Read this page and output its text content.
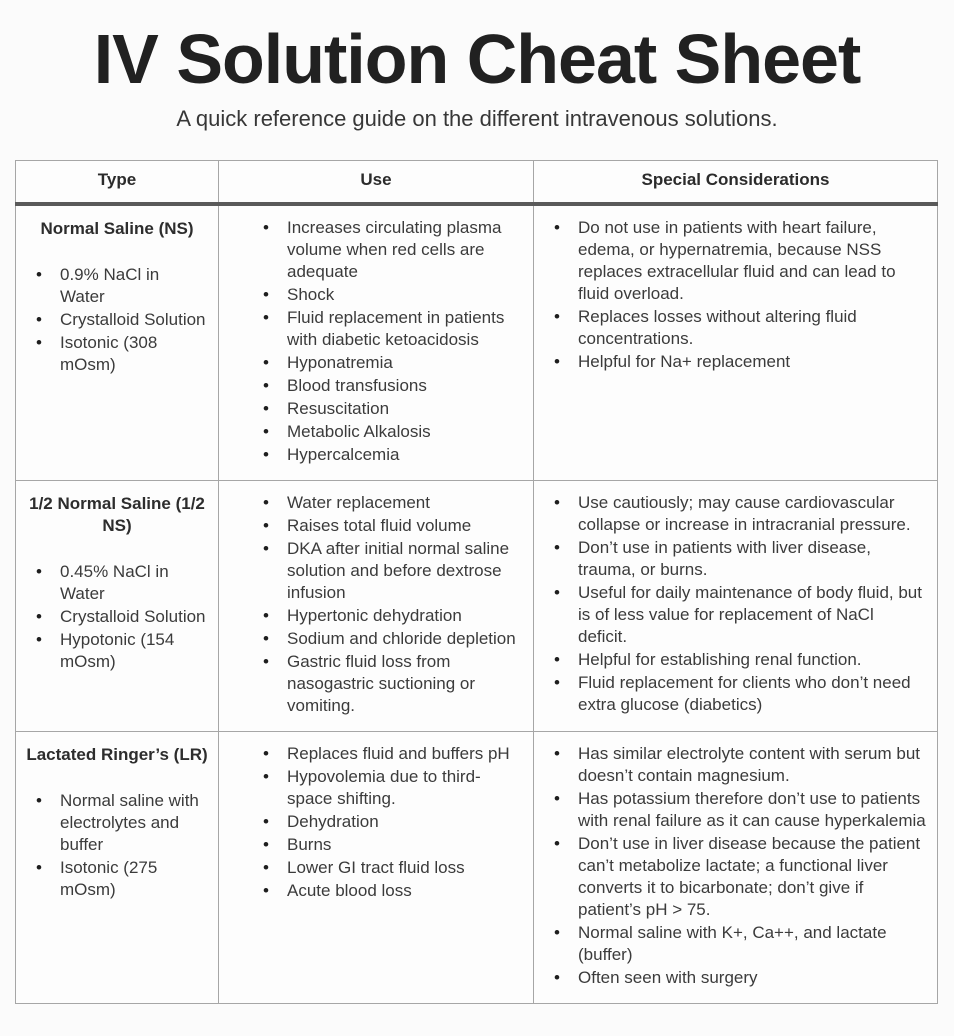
IV Solution Cheat Sheet

A quick reference guide on the different intravenous solutions.

Type	Use	Special Considerations

Normal Saline (NS)
• 0.9% NaCl in Water
• Crystalloid Solution
• Isotonic (308 mOsm)

• Increases circulating plasma volume when red cells are adequate
• Shock
• Fluid replacement in patients with diabetic ketoacidosis
• Hyponatremia
• Blood transfusions
• Resuscitation
• Metabolic Alkalosis
• Hypercalcemia

• Do not use in patients with heart failure, edema, or hypernatremia, because NSS replaces extracellular fluid and can lead to fluid overload.
• Replaces losses without altering fluid concentrations.
• Helpful for Na+ replacement

1/2 Normal Saline (1/2 NS)
• 0.45% NaCl in Water
• Crystalloid Solution
• Hypotonic (154 mOsm)

• Water replacement
• Raises total fluid volume
• DKA after initial normal saline solution and before dextrose infusion
• Hypertonic dehydration
• Sodium and chloride depletion
• Gastric fluid loss from nasogastric suctioning or vomiting.

• Use cautiously; may cause cardiovascular collapse or increase in intracranial pressure.
• Don’t use in patients with liver disease, trauma, or burns.
• Useful for daily maintenance of body fluid, but is of less value for replacement of NaCl deficit.
• Helpful for establishing renal function.
• Fluid replacement for clients who don’t need extra glucose (diabetics)

Lactated Ringer’s (LR)
• Normal saline with electrolytes and buffer
• Isotonic (275 mOsm)

• Replaces fluid and buffers pH
• Hypovolemia due to third-space shifting.
• Dehydration
• Burns
• Lower GI tract fluid loss
• Acute blood loss

• Has similar electrolyte content with serum but doesn’t contain magnesium.
• Has potassium therefore don’t use to patients with renal failure as it can cause hyperkalemia
• Don’t use in liver disease because the patient can’t metabolize lactate; a functional liver converts it to bicarbonate; don’t give if patient’s pH > 75.
• Normal saline with K+, Ca++, and lactate (buffer)
• Often seen with surgery
